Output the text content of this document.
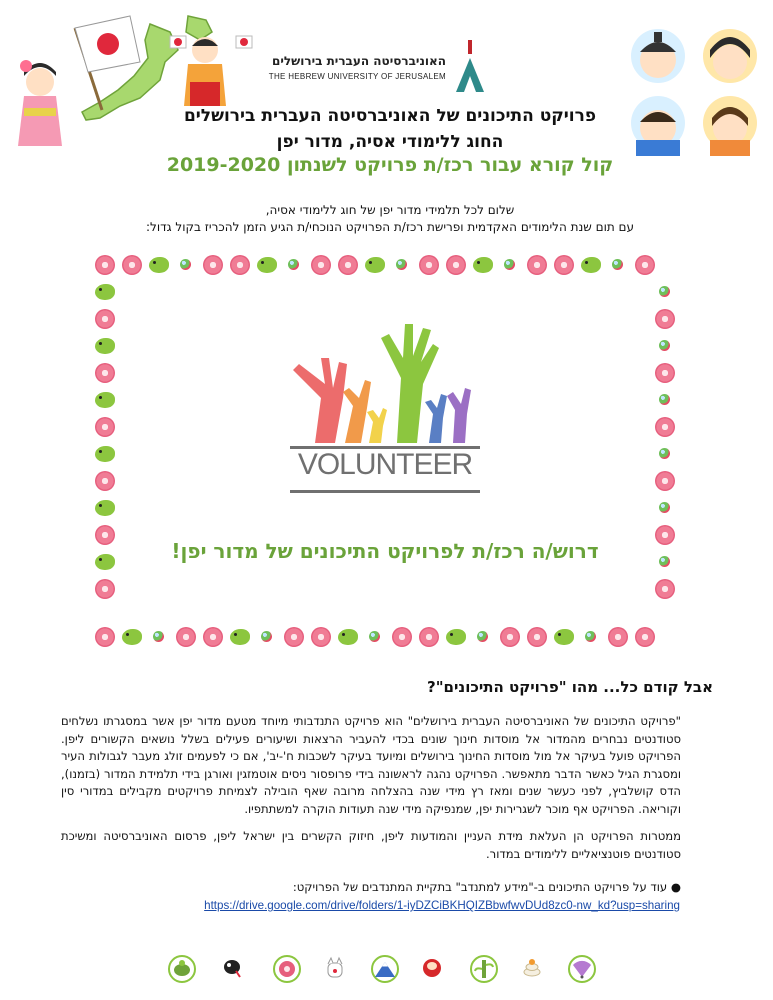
האוניברסיטה העברית בירושלים
THE HEBREW UNIVERSITY OF JERUSALEM
פרויקט התיכונים של האוניברסיטה העברית בירושלים
החוג ללימודי אסיה, מדור יפן
קול קורא עבור רכז/ת פרויקט לשנתון 2019-2020
שלום לכל תלמידי מדור יפן של חוג ללימודי אסיה,
עם תום שנת הלימודים האקדמית ופרישת רכז/ת הפרויקט הנוכחי/ת הגיע הזמן להכריז בקול גדול:
VOLUNTEER
דרוש/ה רכז/ת לפרויקט התיכונים של מדור יפן!
אבל קודם כל... מהו "פרויקט התיכונים"?
"פרויקט התיכונים של האוניברסיטה העברית בירושלים" הוא פרויקט התנדבותי מיוחד מטעם מדור יפן אשר במסגרתו נשלחים סטודנטים נבחרים מהמדור אל מוסדות חינוך שונים בכדי להעביר הרצאות ושיעורים פעילים בשלל נושאים הקשורים ליפן. הפרויקט פועל בעיקר אל מול מוסדות החינוך בירושלים ומיועד בעיקר לשכבות ח'-יב', אם כי לפעמים זולג מעבר לגבולות העיר ומסגרת הגיל כאשר הדבר מתאפשר. הפרויקט נהגה לראשונה בידי פרופסור ניסים אוטמזגין ואורגן בידי תלמידת המדור (בזמנו), הדס קושלביץ, לפני כעשר שנים ומאז רץ מידי שנה בהצלחה מרובה שאף הובילה לצמיחת פרויקטים מקבילים במדורי סין וקוריאה. הפרויקט אף מוכר לשגרירות יפן, שמנפיקה מידי שנה תעודות הוקרה למשתתפיו.
ממטרות הפרויקט הן העלאת מידת העניין והמודעות ליפן, חיזוק הקשרים בין ישראל ליפן, פרסום האוניברסיטה ומשיכת סטודנטים פוטנציאליים ללימודים במדור.
● עוד על פרויקט התיכונים ב-"מידע למתנדב" בתקיית המתנדבים של הפרויקט:
https://drive.google.com/drive/folders/1-iyDZCiBKHQIZBbwfwvDUd8zc0-nw_kd?usp=sharing
